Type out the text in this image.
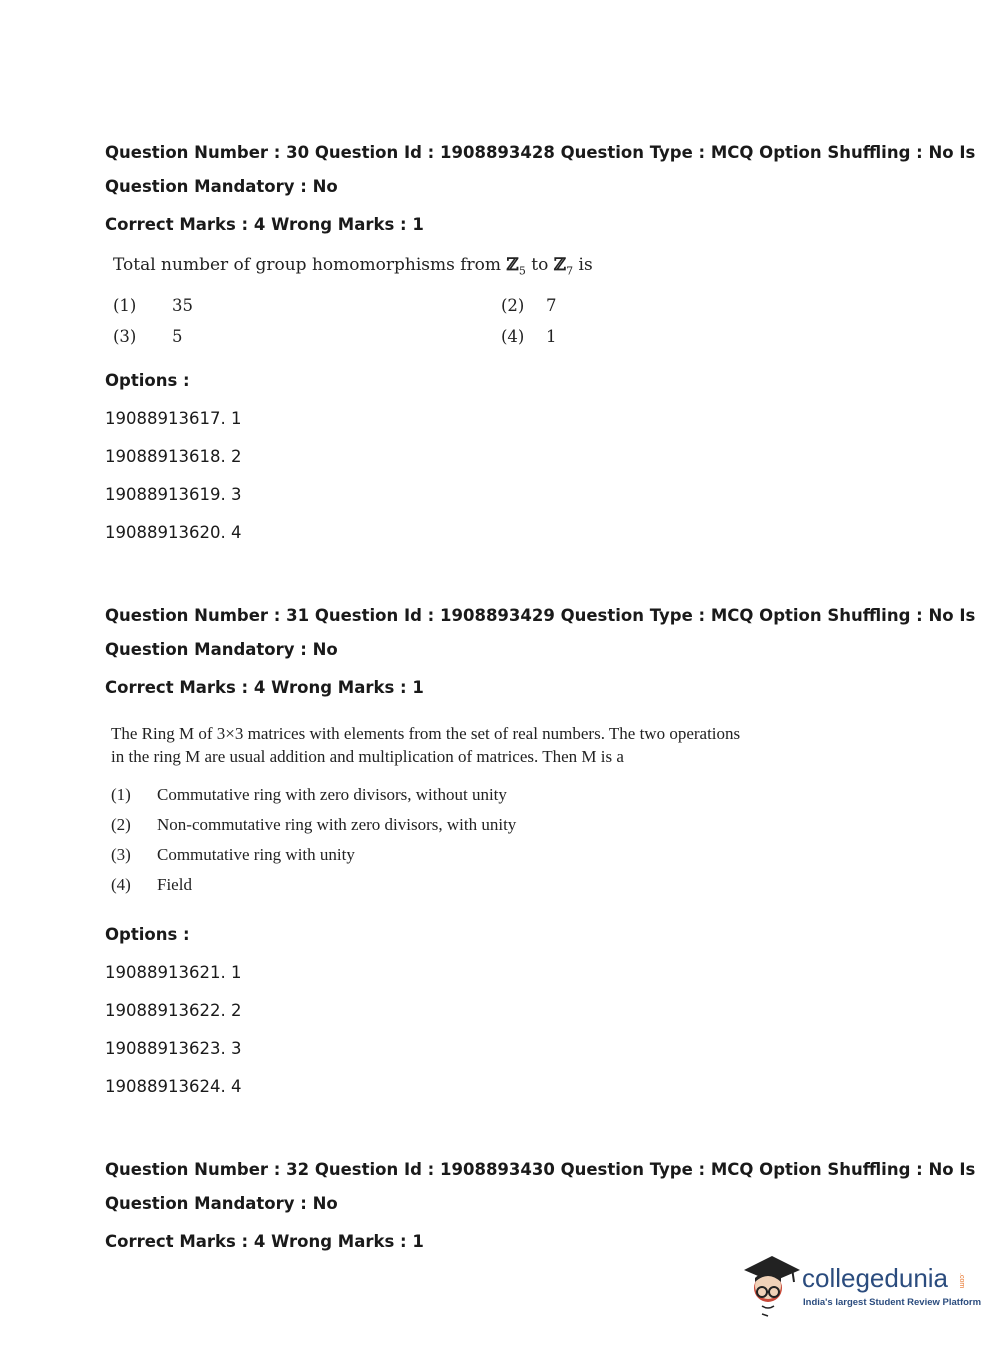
Question Number : 30 Question Id : 1908893428 Question Type : MCQ Option Shuffling : No Is
Question Mandatory : No
Correct Marks : 4 Wrong Marks : 1
Total number of group homomorphisms from ℤ$_5$ to ℤ$_7$ is
(1) 35	(2) 7
(3) 5	(4) 1
Options :
19088913617. 1
19088913618. 2
19088913619. 3
19088913620. 4
Question Number : 31 Question Id : 1908893429 Question Type : MCQ Option Shuffling : No Is
Question Mandatory : No
Correct Marks : 4 Wrong Marks : 1
The Ring M of 3×3 matrices with elements from the set of real numbers. The two operations
in the ring M are usual addition and multiplication of matrices. Then M is a
(1) Commutative ring with zero divisors, without unity
(2) Non-commutative ring with zero divisors, with unity
(3) Commutative ring with unity
(4) Field
Options :
19088913621. 1
19088913622. 2
19088913623. 3
19088913624. 4
Question Number : 32 Question Id : 1908893430 Question Type : MCQ Option Shuffling : No Is
Question Mandatory : No
Correct Marks : 4 Wrong Marks : 1
collegedunia .com
India's largest Student Review Platform
